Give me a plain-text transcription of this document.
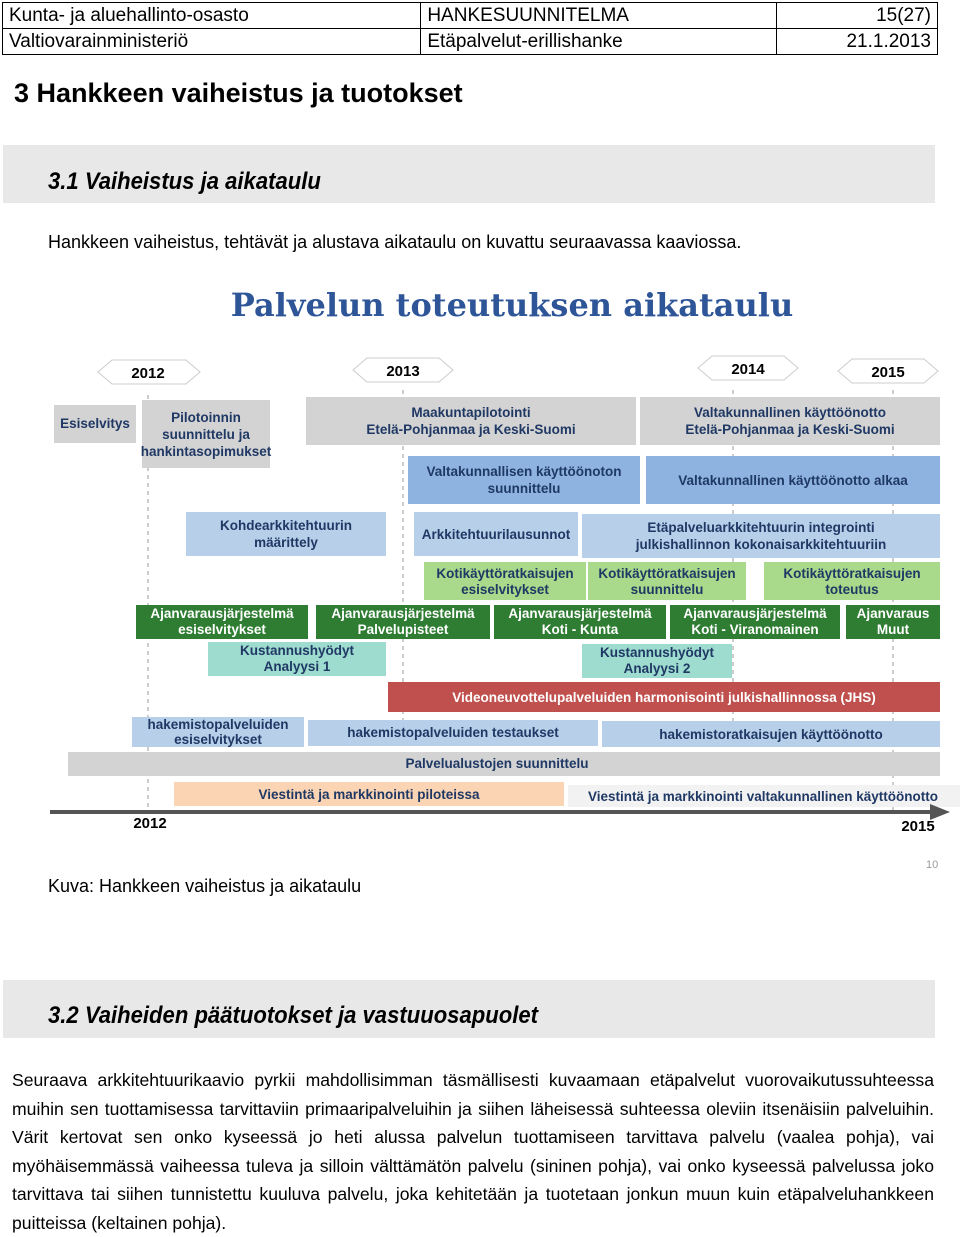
Kunta- ja aluehallinto-osasto	HANKESUUNNITELMA	15(27)
Valtiovarainministeriö	Etäpalvelut-erillishanke	21.1.2013
3 Hankkeen vaiheistus ja tuotokset
3.1 Vaiheistus ja aikataulu
Hankkeen vaiheistus, tehtävät ja alustava aikataulu on kuvattu seuraavassa kaaviossa.
Palvelun toteutuksen aikataulu
2012	2013	2014	2015
Esiselvitys	Pilotoinnin
suunnittelu ja
hankintasopimukset
Maakuntapilotointi
Etelä-Pohjanmaa ja Keski-Suomi
Valtakunnallinen käyttöönotto
Etelä-Pohjanmaa ja Keski-Suomi
Valtakunnallisen käyttöönoton
suunnittelu
Valtakunnallinen käyttöönotto alkaa
Kohdearkkitehtuurin
määrittely
Arkkitehtuurilausunnot	Etäpalveluarkkitehtuurin integrointi
julkishallinnon kokonaisarkkitehtuuriin
Kotikäyttöratkaisujen
esiselvitykset
Kotikäyttöratkaisujen
suunnittelu
Kotikäyttöratkaisujen
toteutus
Ajanvarausjärjestelmä
esiselvitykset
Ajanvarausjärjestelmä
Palvelupisteet
Ajanvarausjärjestelmä
Koti - Kunta
Ajanvarausjärjestelmä
Koti - Viranomainen
Ajanvaraus
Muut
Kustannushyödyt
Analyysi 1
Kustannushyödyt
Analyysi 2
Videoneuvottelupalveluiden harmonisointi julkishallinnossa (JHS)
hakemistopalveluiden
esiselvitykset	hakemistopalveluiden testaukset	hakemistoratkaisujen käyttöönotto
Palvelualustojen suunnittelu
Viestintä ja markkinointi piloteissa	Viestintä ja markkinointi valtakunnallinen käyttöönotto
2012	2015
10
Kuva: Hankkeen vaiheistus ja aikataulu
3.2 Vaiheiden päätuotokset ja vastuuosapuolet
Seuraava arkkitehtuurikaavio pyrkii mahdollisimman täsmällisesti kuvaamaan etäpalvelut vuorovaikutussuhteessa muihin sen tuottamisessa tarvittaviin primaaripalveluihin ja siihen läheisessä suhteessa oleviin itsenäisiin palveluihin. Värit kertovat sen onko kyseessä jo heti alussa palvelun tuottamiseen tarvittava palvelu (vaalea pohja), vai myöhäisemmässä vaiheessa tuleva ja silloin välttämätön palvelu (sininen pohja), vai onko kyseessä palvelussa joko tarvittava tai siihen tunnistettu kuuluva palvelu, joka kehitetään ja tuotetaan jonkun muun kuin etäpalveluhankkeen puitteissa (keltainen pohja).
